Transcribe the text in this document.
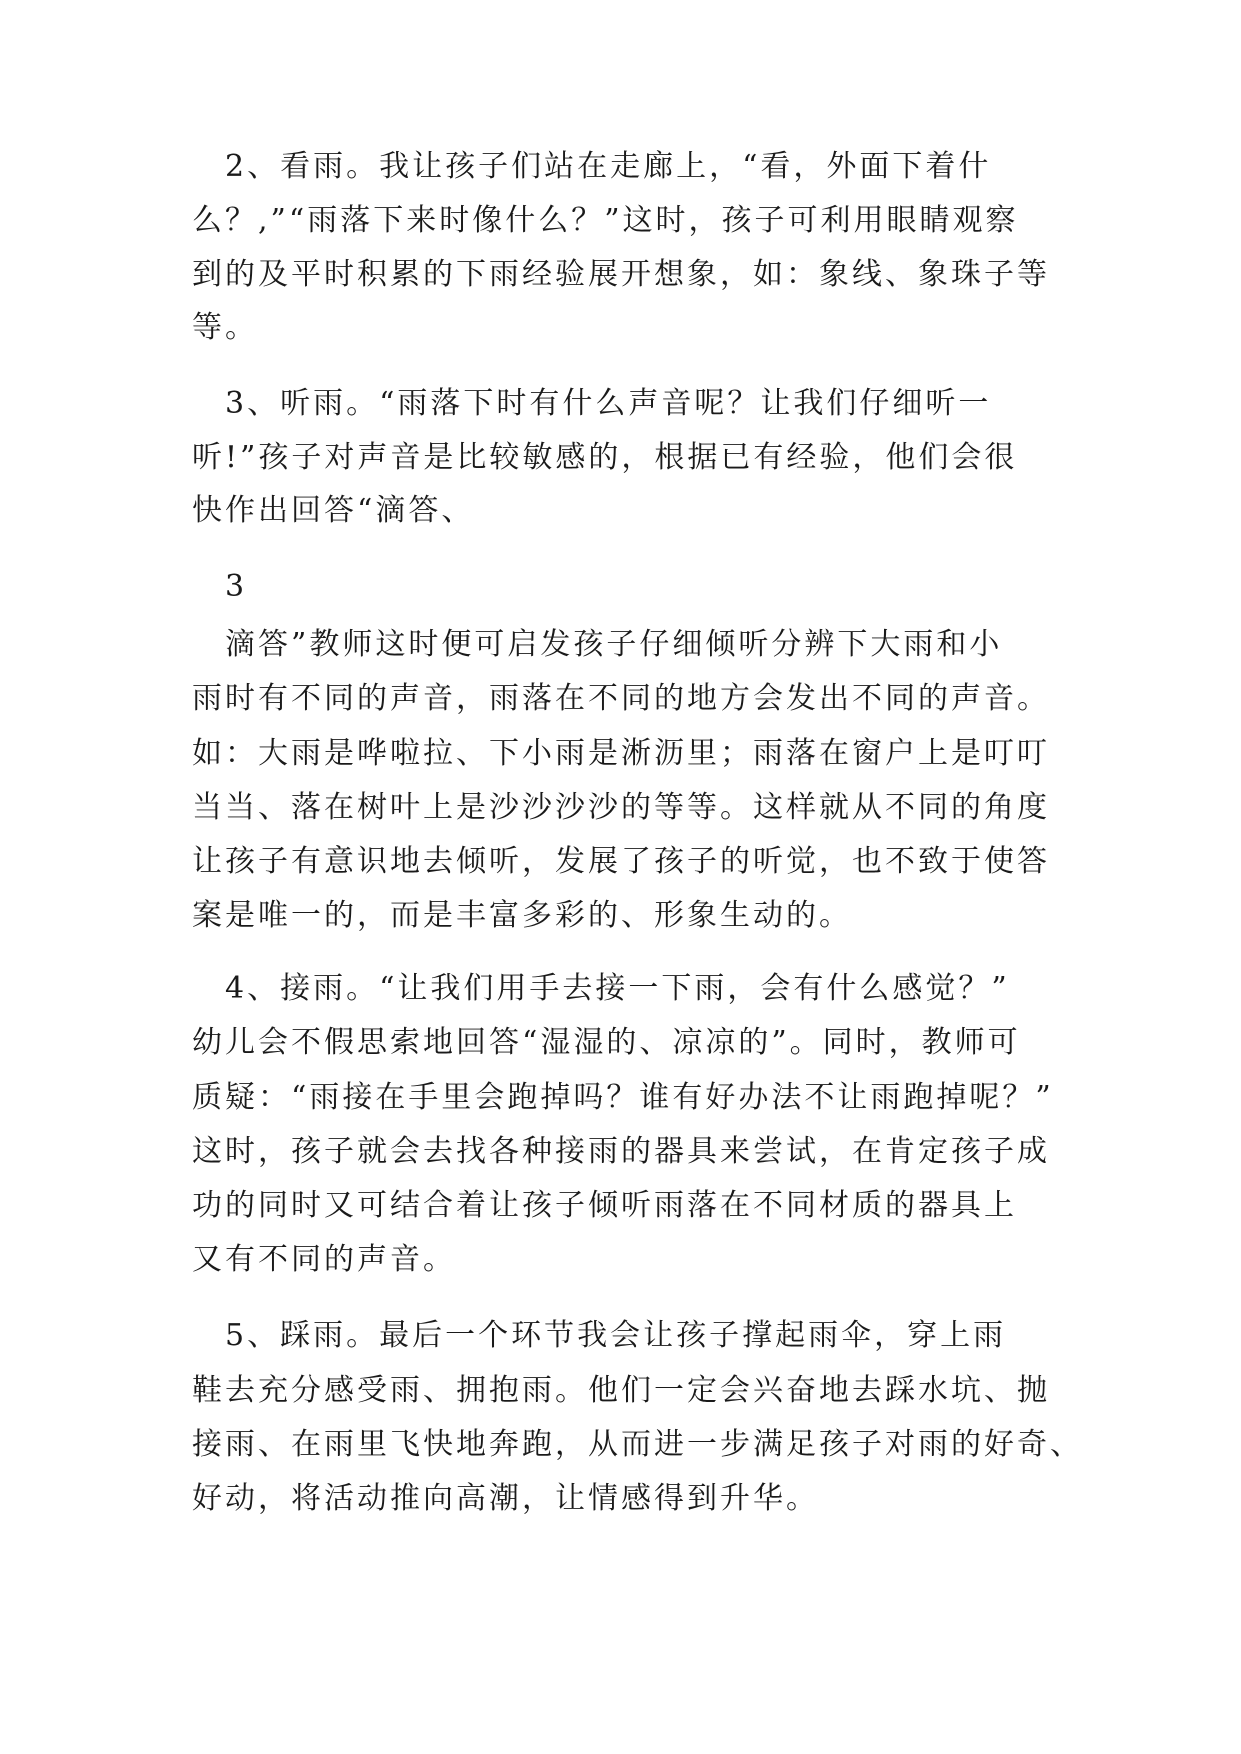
　2、看雨。我让孩子们站在走廊上，“看，外面下着什
么？,”“雨落下来时像什么？”这时，孩子可利用眼睛观察
到的及平时积累的下雨经验展开想象，如：象线、象珠子等
等。
　3、听雨。“雨落下时有什么声音呢？让我们仔细听一
听!”孩子对声音是比较敏感的，根据已有经验，他们会很
快作出回答“滴答、
　3
　滴答”教师这时便可启发孩子仔细倾听分辨下大雨和小
雨时有不同的声音，雨落在不同的地方会发出不同的声音。
如：大雨是哗啦拉、下小雨是淅沥里；雨落在窗户上是叮叮
当当、落在树叶上是沙沙沙沙的等等。这样就从不同的角度
让孩子有意识地去倾听，发展了孩子的听觉，也不致于使答
案是唯一的，而是丰富多彩的、形象生动的。
　4、接雨。“让我们用手去接一下雨，会有什么感觉？”
幼儿会不假思索地回答“湿湿的、凉凉的”。同时，教师可
质疑：“雨接在手里会跑掉吗？谁有好办法不让雨跑掉呢？”
这时，孩子就会去找各种接雨的器具来尝试，在肯定孩子成
功的同时又可结合着让孩子倾听雨落在不同材质的器具上
又有不同的声音。
　5、踩雨。最后一个环节我会让孩子撑起雨伞，穿上雨
鞋去充分感受雨、拥抱雨。他们一定会兴奋地去踩水坑、抛
接雨、在雨里飞快地奔跑，从而进一步满足孩子对雨的好奇、
好动，将活动推向高潮，让情感得到升华。
